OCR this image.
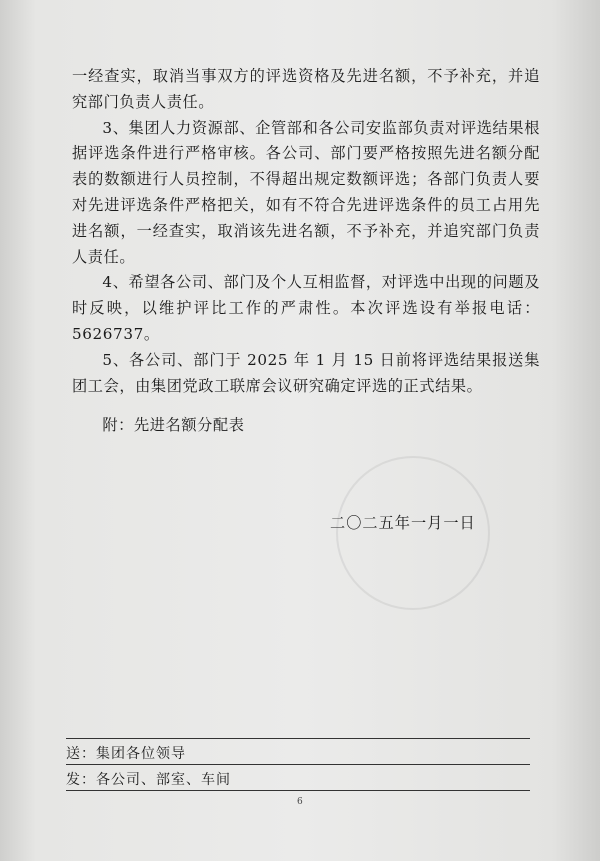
一经查实，取消当事双方的评选资格及先进名额，不予补充，并追究部门负责人责任。

3、集团人力资源部、企管部和各公司安监部负责对评选结果根据评选条件进行严格审核。各公司、部门要严格按照先进名额分配表的数额进行人员控制，不得超出规定数额评选；各部门负责人要对先进评选条件严格把关，如有不符合先进评选条件的员工占用先进名额，一经查实，取消该先进名额，不予补充，并追究部门负责人责任。

4、希望各公司、部门及个人互相监督，对评选中出现的问题及时反映，以维护评比工作的严肃性。本次评选设有举报电话：5626737。

5、各公司、部门于 2025 年 1 月 15 日前将评选结果报送集团工会，由集团党政工联席会议研究确定评选的正式结果。

附：先进名额分配表

二〇二五年一月一日
送：集团各位领导
发：各公司、部室、车间
6
